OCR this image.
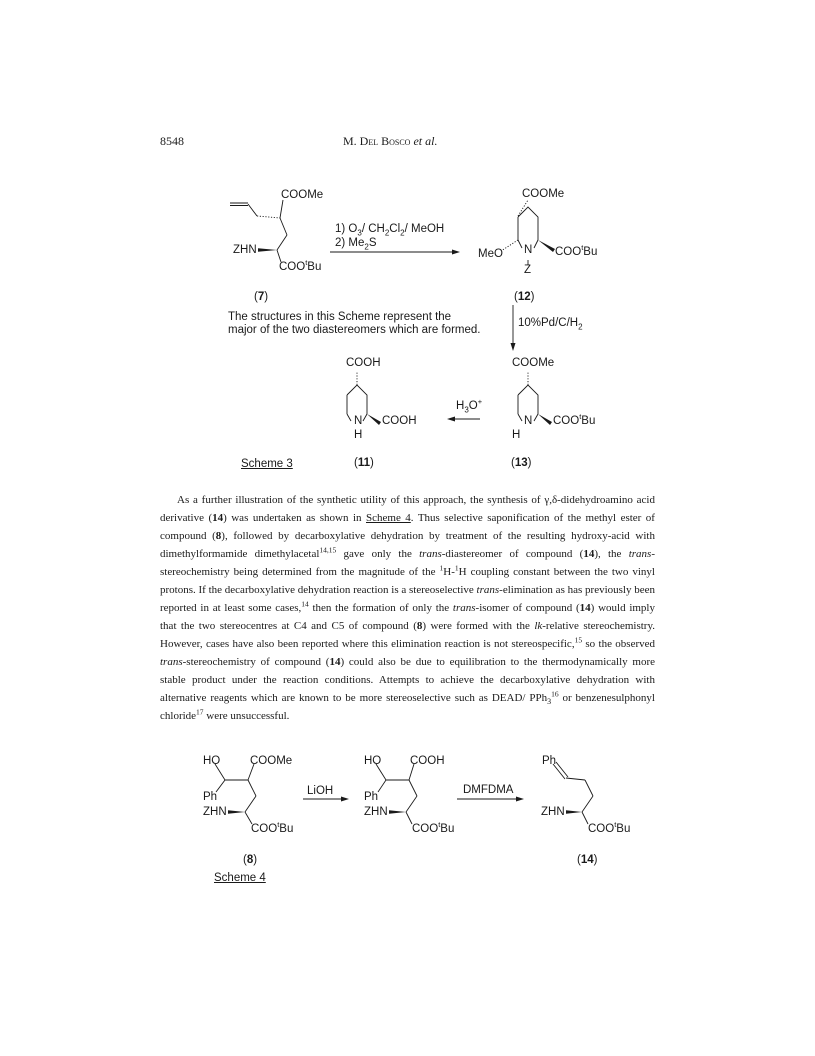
8548	M. Del Bosco et al.
COOMe
ZHN
COO$^t$Bu
(7)
1) $O_3/$ $CH_2Cl_2/$ MeOH
2) $Me_2S$
COOMe
MeO N
Z
COO$^t$Bu
(12)
The structures in this Scheme represent the
major of the two diastereomers which are formed.
$10\%Pd/C/H_2$
COOH
N
H
COOH
(11)
$H_3O^+$
COOMe
N
H
COO$^t$Bu
(13)
Scheme 3

As a further illustration of the synthetic utility of this approach, the synthesis of γ,δ-didehydroamino acid derivative (14) was undertaken as shown in Scheme 4. Thus selective saponification of the methyl ester of compound (8), followed by decarboxylative dehydration by treatment of the resulting hydroxy-acid with dimethylformamide dimethylacetal$^{14,15}$ gave only the trans-diastereomer of compound (14), the trans-stereochemistry being determined from the magnitude of the $^1$H-$^1$H coupling constant between the two vinyl protons. If the decarboxylative dehydration reaction is a stereoselective trans-elimination as has previously been reported in at least some cases,$^{14}$ then the formation of only the trans-isomer of compound (14) would imply that the two stereocentres at C4 and C5 of compound (8) were formed with the lk-relative stereochemistry. However, cases have also been reported where this elimination reaction is not stereospecific,$^{15}$ so the observed trans-stereochemistry of compound (14) could also be due to equilibration to the thermodynamically more stable product under the reaction conditions. Attempts to achieve the decarboxylative dehydration with alternative reagents which are known to be more stereoselective such as DEAD/ PPh$_3^{16}$ or benzenesulphonyl chloride$^{17}$ were unsuccessful.

HO	COOMe
Ph
ZHN
COO$^t$Bu
(8)
Scheme 4
LiOH
HO	COOH
Ph
ZHN
COO$^t$Bu
DMFDMA
Ph
ZHN
COO$^t$Bu
(14)
